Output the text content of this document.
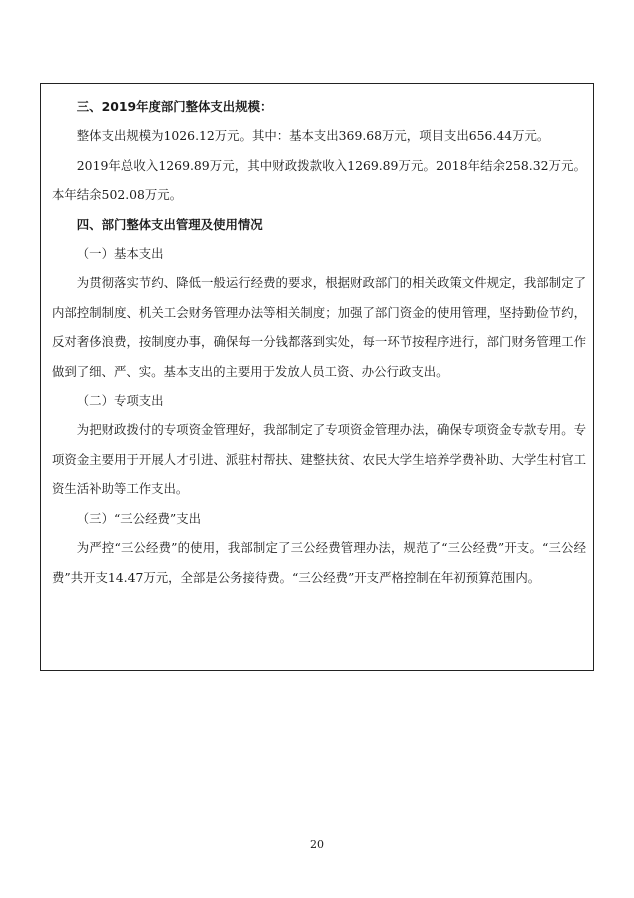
三、2019年度部门整体支出规模：

整体支出规模为1026.12万元。其中：基本支出369.68万元，项目支出656.44万元。

2019年总收入1269.89万元，其中财政拨款收入1269.89万元。2018年结余258.32万元。本年结余502.08万元。

四、部门整体支出管理及使用情况

（一）基本支出

为贯彻落实节约、降低一般运行经费的要求，根据财政部门的相关政策文件规定，我部制定了内部控制制度、机关工会财务管理办法等相关制度；加强了部门资金的使用管理，坚持勤俭节约，反对奢侈浪费，按制度办事，确保每一分钱都落到实处，每一环节按程序进行，部门财务管理工作做到了细、严、实。基本支出的主要用于发放人员工资、办公行政支出。

（二）专项支出

为把财政拨付的专项资金管理好，我部制定了专项资金管理办法，确保专项资金专款专用。专项资金主要用于开展人才引进、派驻村帮扶、建整扶贫、农民大学生培养学费补助、大学生村官工资生活补助等工作支出。

（三）“三公经费”支出

为严控“三公经费”的使用，我部制定了三公经费管理办法，规范了“三公经费”开支。“三公经费”共开支14.47万元，全部是公务接待费。“三公经费”开支严格控制在年初预算范围内。

20
